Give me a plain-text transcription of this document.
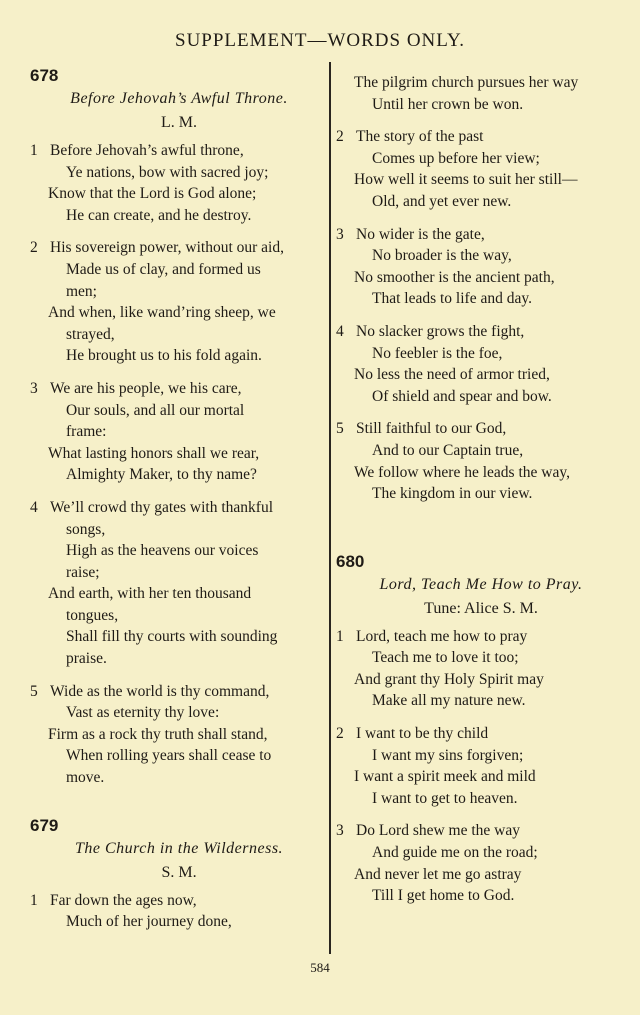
SUPPLEMENT—WORDS ONLY.
678
Before Jehovah’s Awful Throne.
L. M.
1 Before Jehovah’s awful throne,
Ye nations, bow with sacred joy;
Know that the Lord is God alone;
He can create, and he destroy.
2 His sovereign power, without our aid,
Made us of clay, and formed us
men;
And when, like wand’ring sheep, we
strayed,
He brought us to his fold again.
3 We are his people, we his care,
Our souls, and all our mortal
frame:
What lasting honors shall we rear,
Almighty Maker, to thy name?
4 We’ll crowd thy gates with thankful
songs,
High as the heavens our voices
raise;
And earth, with her ten thousand
tongues,
Shall fill thy courts with sounding
praise.
5 Wide as the world is thy command,
Vast as eternity thy love:
Firm as a rock thy truth shall stand,
When rolling years shall cease to
move.
679
The Church in the Wilderness.
S. M.
1 Far down the ages now,
Much of her journey done,
The pilgrim church pursues her way
Until her crown be won.
2 The story of the past
Comes up before her view;
How well it seems to suit her still—
Old, and yet ever new.
3 No wider is the gate,
No broader is the way,
No smoother is the ancient path,
That leads to life and day.
4 No slacker grows the fight,
No feebler is the foe,
No less the need of armor tried,
Of shield and spear and bow.
5 Still faithful to our God,
And to our Captain true,
We follow where he leads the way,
The kingdom in our view.
680
Lord, Teach Me How to Pray.
Tune: Alice S. M.
1 Lord, teach me how to pray
Teach me to love it too;
And grant thy Holy Spirit may
Make all my nature new.
2 I want to be thy child
I want my sins forgiven;
I want a spirit meek and mild
I want to get to heaven.
3 Do Lord shew me the way
And guide me on the road;
And never let me go astray
Till I get home to God.
584
